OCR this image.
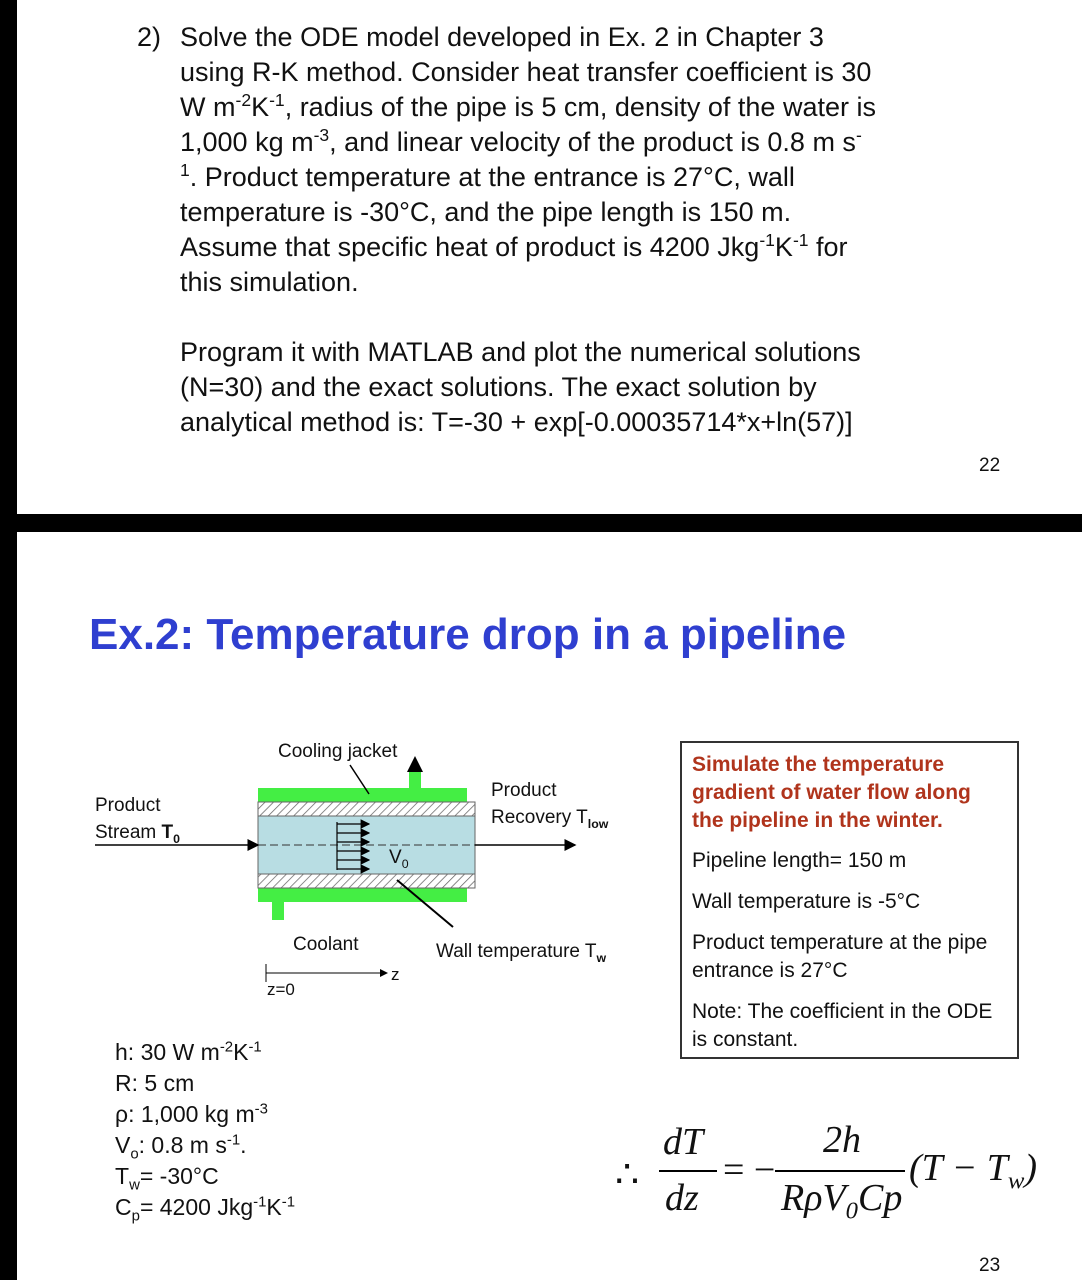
2) Solve the ODE model developed in Ex. 2 in Chapter 3
using R-K method. Consider heat transfer coefficient is 30
W $m^{-2}K^{-1}$, radius of the pipe is 5 cm, density of the water is
1,000 kg $m^{-3}$, and linear velocity of the product is 0.8 m s-
$^1$. Product temperature at the entrance is 27°C, wall
temperature is -30°C, and the pipe length is 150 m.
Assume that specific heat of product is 4200 $Jkg^{-1}K^{-1}$ for
this simulation.
Program it with MATLAB and plot the numerical solutions
(N=30) and the exact solutions. The exact solution by
analytical method is: T=-30 + exp[-0.00035714*x+ln(57)]
22
Ex.2: Temperature drop in a pipeline
Cooling jacket
Product
Stream $T_0$
Product
Recovery $T_{low}$
$V_0$
Coolant	Wall temperature $T_w$
z
z=0
Simulate the temperature gradient of water flow along the pipeline in the winter.
Pipeline length= 150 m
Wall temperature is -5°C
Product temperature at the pipe entrance is 27°C
Note: The coefficient in the ODE is constant.
h: 30 W $m^{-2}K^{-1}$
R: 5 cm
ρ: 1,000 kg $m^{-3}$
$V_o$: 0.8 m $s^{-1}$.
$T_w= -30^\circ C$
$C_p= 4200$ $Jkg^{-1}K^{-1}$
∴
dT
dz
= −
2h
RρV$_0$Cp
$(T - T_w)$
23
